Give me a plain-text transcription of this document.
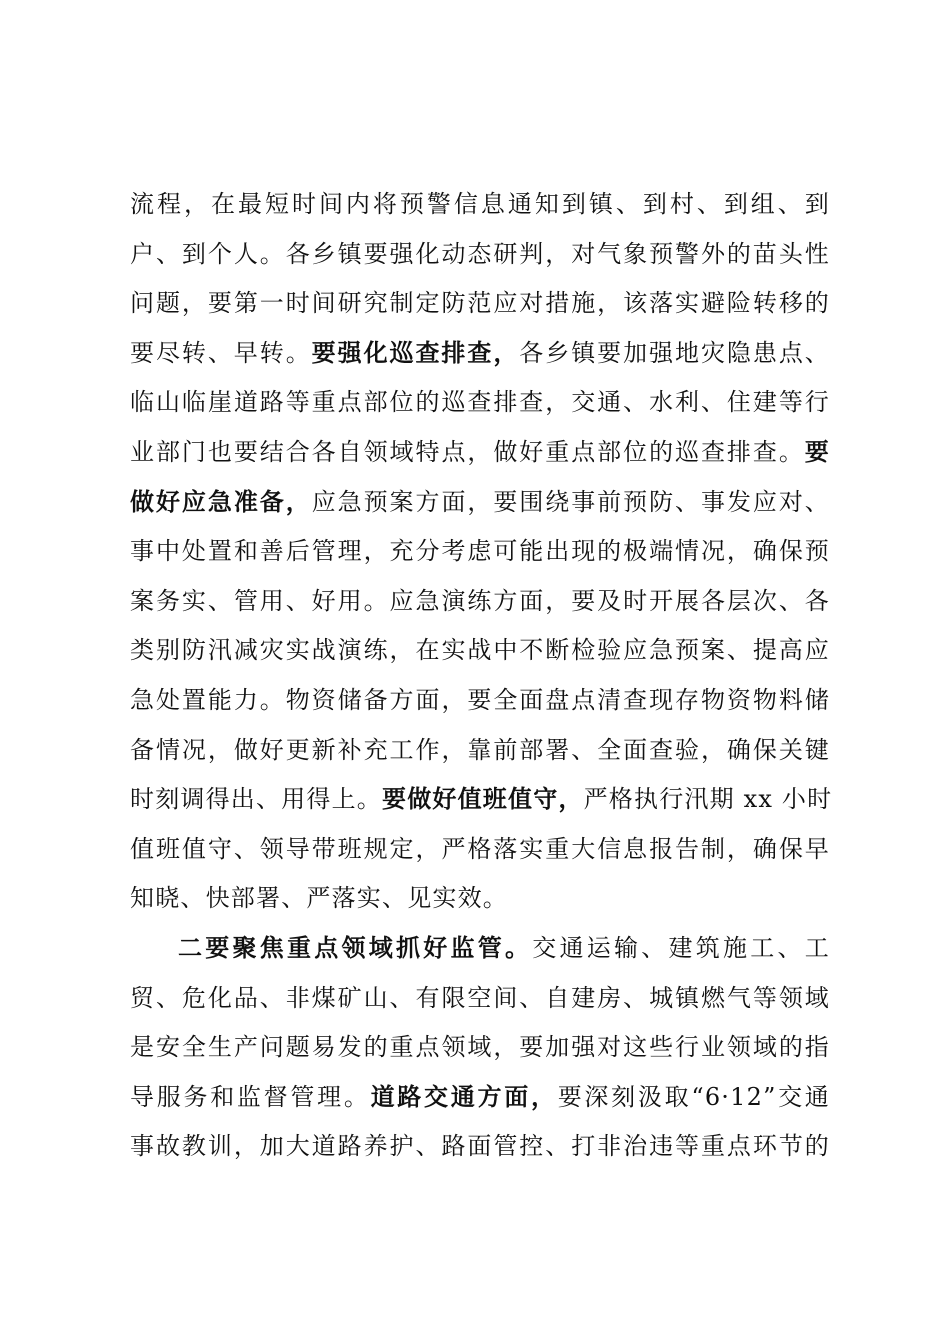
流程，在最短时间内将预警信息通知到镇、到村、到组、到
户、到个人。各乡镇要强化动态研判，对气象预警外的苗头性
问题，要第一时间研究制定防范应对措施，该落实避险转移的
要尽转、早转。要强化巡查排查，各乡镇要加强地灾隐患点、
临山临崖道路等重点部位的巡查排查，交通、水利、住建等行
业部门也要结合各自领域特点，做好重点部位的巡查排查。要
做好应急准备，应急预案方面，要围绕事前预防、事发应对、
事中处置和善后管理，充分考虑可能出现的极端情况，确保预
案务实、管用、好用。应急演练方面，要及时开展各层次、各
类别防汛减灾实战演练，在实战中不断检验应急预案、提高应
急处置能力。物资储备方面，要全面盘点清查现存物资物料储
备情况，做好更新补充工作，靠前部署、全面查验，确保关键
时刻调得出、用得上。要做好值班值守，严格执行汛期 xx 小时
值班值守、领导带班规定，严格落实重大信息报告制，确保早
知晓、快部署、严落实、见实效。
二要聚焦重点领域抓好监管。交通运输、建筑施工、工
贸、危化品、非煤矿山、有限空间、自建房、城镇燃气等领域
是安全生产问题易发的重点领域，要加强对这些行业领域的指
导服务和监督管理。道路交通方面，要深刻汲取“6·12”交通
事故教训，加大道路养护、路面管控、打非治违等重点环节的
